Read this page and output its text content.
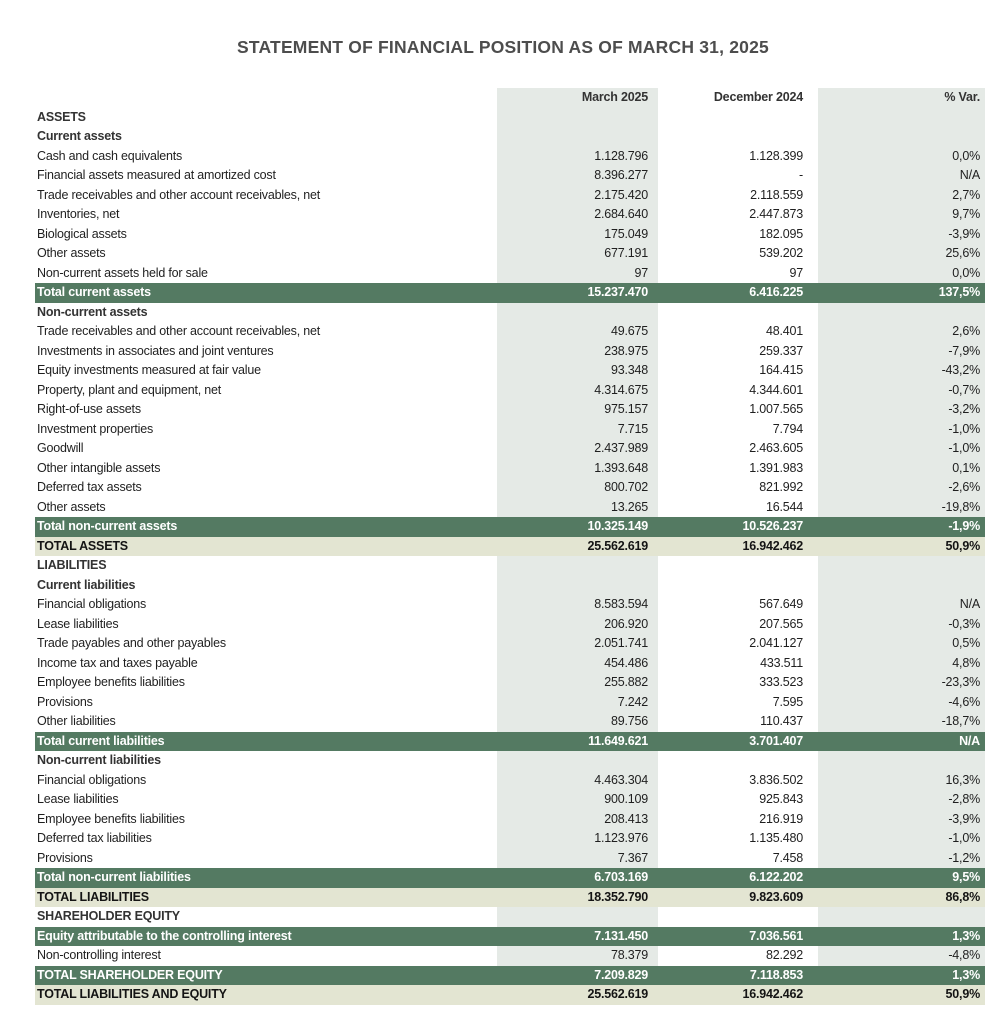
STATEMENT OF FINANCIAL POSITION AS OF MARCH 31, 2025
March 2025	December 2024	% Var.
ASSETS
Current assets
Cash and cash equivalents	1.128.796	1.128.399	0,0%
Financial assets measured at amortized cost	8.396.277	-	N/A
Trade receivables and other account receivables, net	2.175.420	2.118.559	2,7%
Inventories, net	2.684.640	2.447.873	9,7%
Biological assets	175.049	182.095	-3,9%
Other assets	677.191	539.202	25,6%
Non-current assets held for sale	97	97	0,0%
Total current assets	15.237.470	6.416.225	137,5%
Non-current assets
Trade receivables and other account receivables, net	49.675	48.401	2,6%
Investments in associates and joint ventures	238.975	259.337	-7,9%
Equity investments measured at fair value	93.348	164.415	-43,2%
Property, plant and equipment, net	4.314.675	4.344.601	-0,7%
Right-of-use assets	975.157	1.007.565	-3,2%
Investment properties	7.715	7.794	-1,0%
Goodwill	2.437.989	2.463.605	-1,0%
Other intangible assets	1.393.648	1.391.983	0,1%
Deferred tax assets	800.702	821.992	-2,6%
Other assets	13.265	16.544	-19,8%
Total non-current assets	10.325.149	10.526.237	-1,9%
TOTAL ASSETS	25.562.619	16.942.462	50,9%
LIABILITIES
Current liabilities
Financial obligations	8.583.594	567.649	N/A
Lease liabilities	206.920	207.565	-0,3%
Trade payables and other payables	2.051.741	2.041.127	0,5%
Income tax and taxes payable	454.486	433.511	4,8%
Employee benefits liabilities	255.882	333.523	-23,3%
Provisions	7.242	7.595	-4,6%
Other liabilities	89.756	110.437	-18,7%
Total current liabilities	11.649.621	3.701.407	N/A
Non-current liabilities
Financial obligations	4.463.304	3.836.502	16,3%
Lease liabilities	900.109	925.843	-2,8%
Employee benefits liabilities	208.413	216.919	-3,9%
Deferred tax liabilities	1.123.976	1.135.480	-1,0%
Provisions	7.367	7.458	-1,2%
Total non-current liabilities	6.703.169	6.122.202	9,5%
TOTAL LIABILITIES	18.352.790	9.823.609	86,8%
SHAREHOLDER EQUITY
Equity attributable to the controlling interest	7.131.450	7.036.561	1,3%
Non-controlling interest	78.379	82.292	-4,8%
TOTAL SHAREHOLDER EQUITY	7.209.829	7.118.853	1,3%
TOTAL LIABILITIES AND EQUITY	25.562.619	16.942.462	50,9%
